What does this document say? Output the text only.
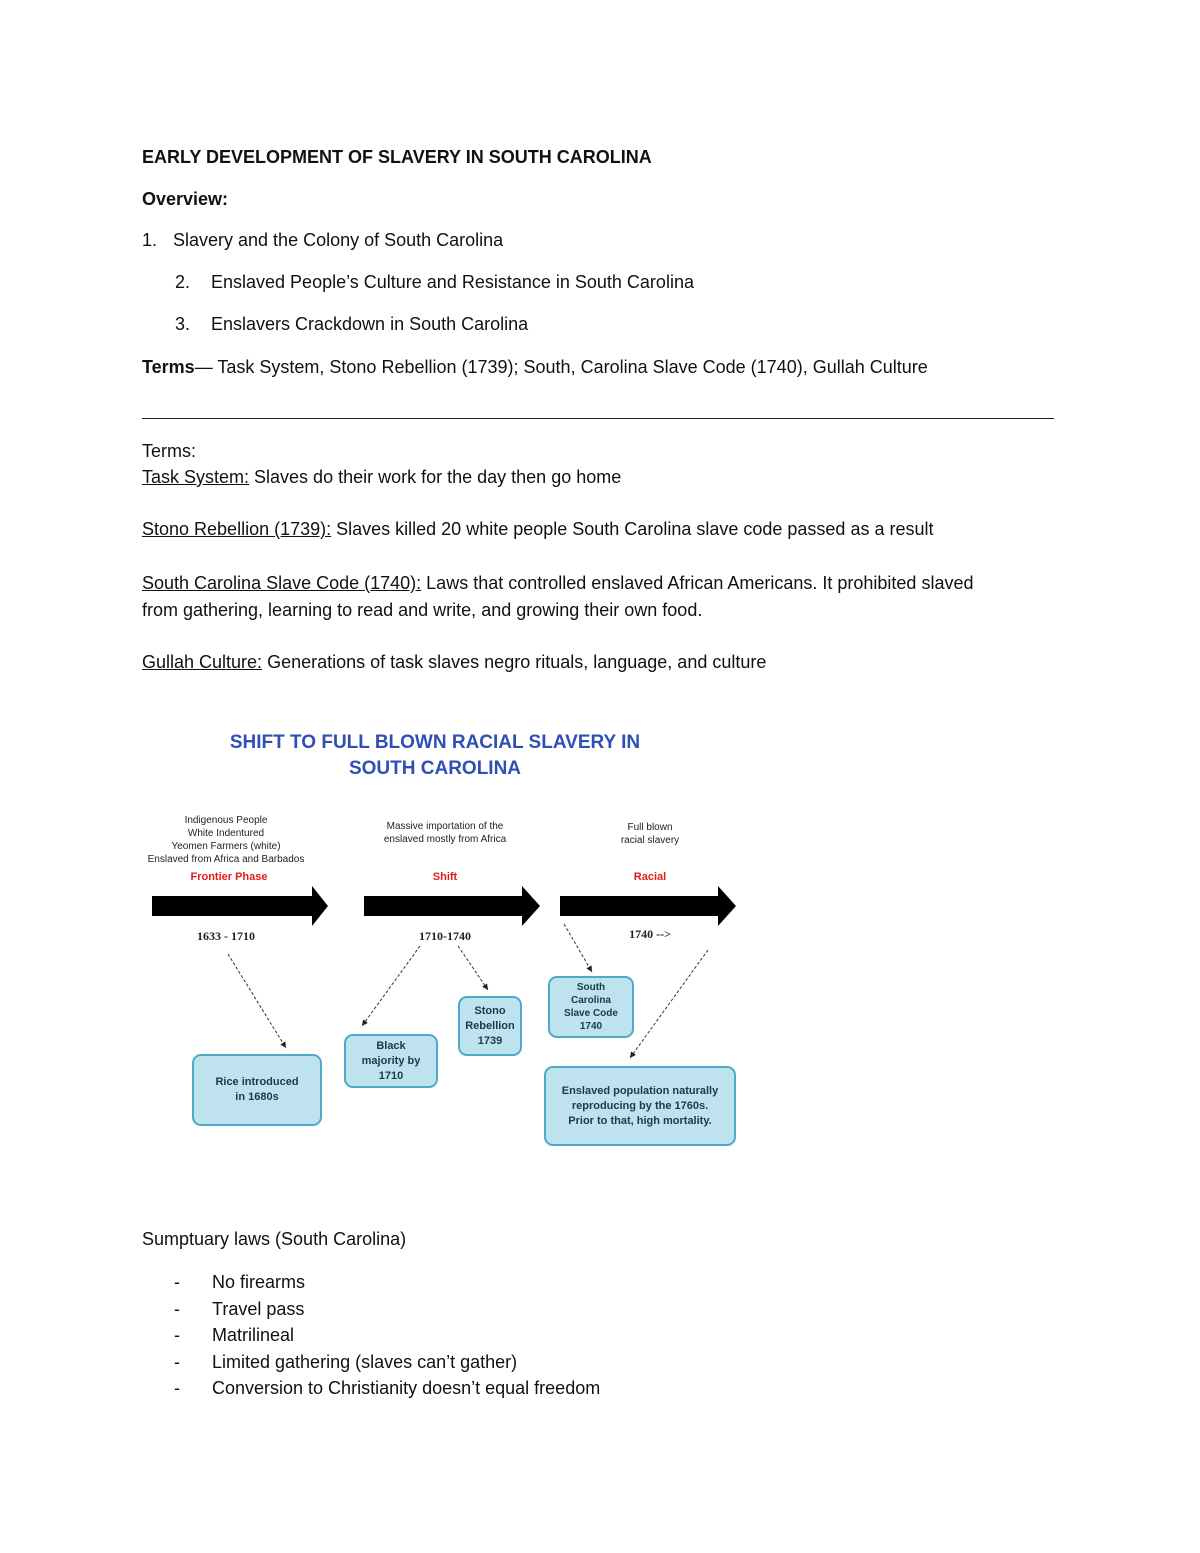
EARLY DEVELOPMENT OF SLAVERY IN SOUTH CAROLINA
Overview:
1. Slavery and the Colony of South Carolina
2. Enslaved People’s Culture and Resistance in South Carolina
3. Enslavers Crackdown in South Carolina
Terms— Task System, Stono Rebellion (1739); South, Carolina Slave Code (1740), Gullah Culture
Terms:
Task System: Slaves do their work for the day then go home
Stono Rebellion (1739): Slaves killed 20 white people South Carolina slave code passed as a result
South Carolina Slave Code (1740): Laws that controlled enslaved African Americans. It prohibited slaved
from gathering, learning to read and write, and growing their own food.
Gullah Culture: Generations of task slaves negro rituals, language, and culture
SHIFT TO FULL BLOWN RACIAL SLAVERY IN
SOUTH CAROLINA
Indigenous People
White Indentured
Yeomen Farmers (white)
Enslaved from Africa and Barbados
Frontier Phase
1633 - 1710
Massive importation of the
enslaved mostly from Africa
Shift
1710-1740
Full blown
racial slavery
Racial
1740 -->
Rice introduced
in 1680s
Black
majority by
1710
Stono
Rebellion
1739
South
Carolina
Slave Code
1740
Enslaved population naturally
reproducing by the 1760s.
Prior to that, high mortality.
Sumptuary laws (South Carolina)
- No firearms
- Travel pass
- Matrilineal
- Limited gathering (slaves can’t gather)
- Conversion to Christianity doesn’t equal freedom
